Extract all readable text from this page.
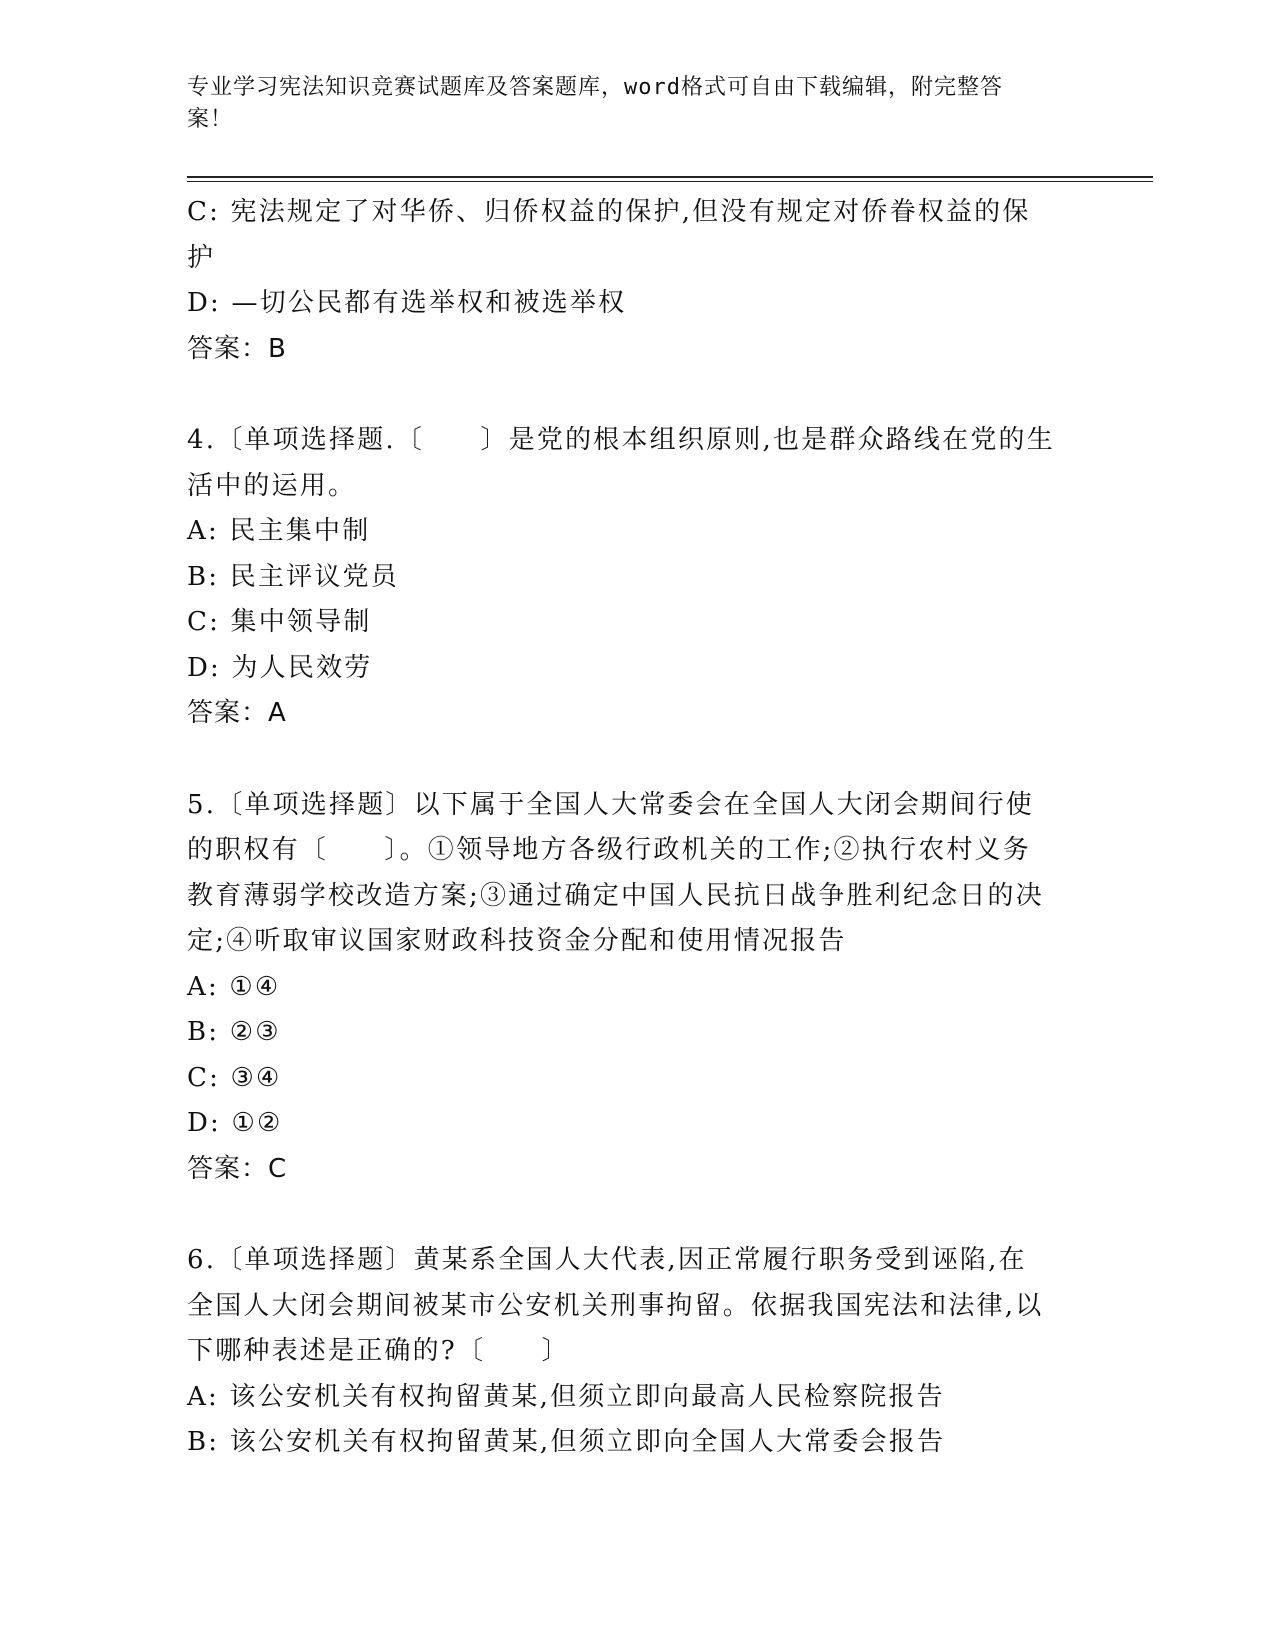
专业学习宪法知识竞赛试题库及答案题库，word格式可自由下载编辑，附完整答
案！
C: 宪法规定了对华侨、归侨权益的保护,但没有规定对侨眷权益的保
护
D: —切公民都有选举权和被选举权
答案：B
4.〔单项选择题.〔　　〕是党的根本组织原则,也是群众路线在党的生
活中的运用。
A: 民主集中制
B: 民主评议党员
C: 集中领导制
D: 为人民效劳
答案：A
5.〔单项选择题〕以下属于全国人大常委会在全国人大闭会期间行使
的职权有〔　　〕。①领导地方各级行政机关的工作;②执行农村义务
教育薄弱学校改造方案;③通过确定中国人民抗日战争胜利纪念日的决
定;④听取审议国家财政科技资金分配和使用情况报告
A: ①④
B: ②③
C: ③④
D: ①②
答案：C
6.〔单项选择题〕黄某系全国人大代表,因正常履行职务受到诬陷,在
全国人大闭会期间被某市公安机关刑事拘留。依据我国宪法和法律,以
下哪种表述是正确的?〔　　〕
A: 该公安机关有权拘留黄某,但须立即向最高人民检察院报告
B: 该公安机关有权拘留黄某,但须立即向全国人大常委会报告
